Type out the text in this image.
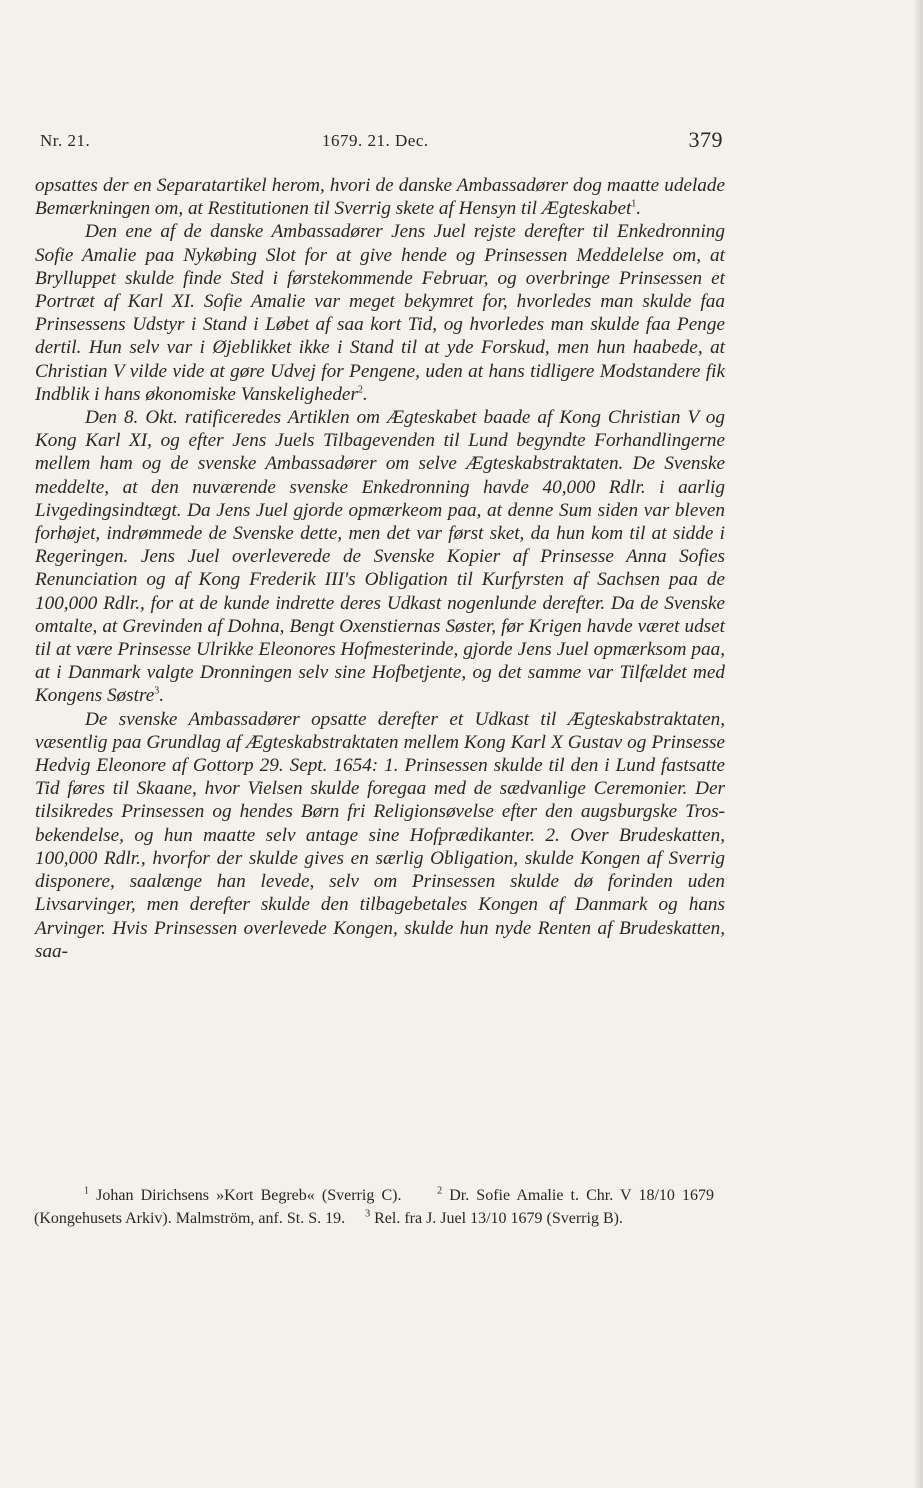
Nr. 21.	1679. 21. Dec.	379

opsattes der en Separatartikel herom, hvori de danske Ambassadører dog maatte udelade Bemærkningen om, at Restitutionen til Sverrig skete af Hensyn til Ægteskabet$^1$.

Den ene af de danske Ambassadører Jens Juel rejste derefter til Enkedronning Sofie Amalie paa Nykøbing Slot for at give hende og Prinsessen Meddelelse om, at Brylluppet skulde finde Sted i førstekommende Februar, og overbringe Prinsessen et Portræt af Karl XI. Sofie Amalie var meget bekymret for, hvorledes man skulde faa Prinsessens Udstyr i Stand i Løbet af saa kort Tid, og hvorledes man skulde faa Penge dertil. Hun selv var i Øjeblikket ikke i Stand til at yde Forskud, men hun haabede, at Christian V vilde vide at gøre Udvej for Pengene, uden at hans tidligere Modstandere fik Indblik i hans økonomiske Vanskeligheder$^2$.

Den 8. Okt. ratificeredes Artiklen om Ægteskabet baade af Kong Christian V og Kong Karl XI, og efter Jens Juels Tilbagevenden til Lund begyndte Forhandlingerne mellem ham og de svenske Ambassadører om selve Ægteskabstraktaten. De Svenske meddelte, at den nuværende svenske Enkedronning havde 40,000 Rdlr. i aarlig Livgedingsindtægt. Da Jens Juel gjorde opmærkeom paa, at denne Sum siden var bleven forhøjet, indrømmede de Svenske dette, men det var først sket, da hun kom til at sidde i Regeringen. Jens Juel overleverede de Svenske Kopier af Prinsesse Anna Sofies Renunciation og af Kong Frederik III's Obligation til Kurfyrsten af Sachsen paa de 100,000 Rdlr., for at de kunde indrette deres Udkast nogenlunde derefter. Da de Svenske omtalte, at Grevinden af Dohna, Bengt Oxenstiernas Søster, før Krigen havde været udset til at være Prinsesse Ulrikke Eleonores Hofmesterinde, gjorde Jens Juel opmærksom paa, at i Danmark valgte Dronningen selv sine Hofbetjente, og det samme var Tilfældet med Kongens Søstre$^3$.

De svenske Ambassadører opsatte derefter et Udkast til Ægteskabstraktaten, væsentlig paa Grundlag af Ægteskabstraktaten mellem Kong Karl X Gustav og Prinsesse Hedvig Eleonore af Gottorp 29. Sept. 1654: 1. Prinsessen skulde til den i Lund fastsatte Tid føres til Skaane, hvor Vielsen skulde foregaa med de sædvanlige Ceremonier. Der tilsikredes Prinsessen og hendes Børn fri Religionsøvelse efter den augsburgske Trosbekendelse, og hun maatte selv antage sine Hofprædikanter. 2. Over Brudeskatten, 100,000 Rdlr., hvorfor der skulde gives en særlig Obligation, skulde Kongen af Sverrig disponere, saalænge han levede, selv om Prinsessen skulde dø forinden uden Livsarvinger, men derefter skulde den tilbagebetales Kongen af Danmark og hans Arvinger. Hvis Prinsessen overlevede Kongen, skulde hun nyde Renten af Brudeskatten, saa-

$^1$ Johan Dirichsens »Kort Begreb« (Sverrig C).	$^2$ Dr. Sofie Amalie t. Chr. V 18/10 1679 (Kongehusets Arkiv). Malmström, anf. St. S. 19. $^3$ Rel. fra J. Juel 13/10 1679 (Sverrig B).
